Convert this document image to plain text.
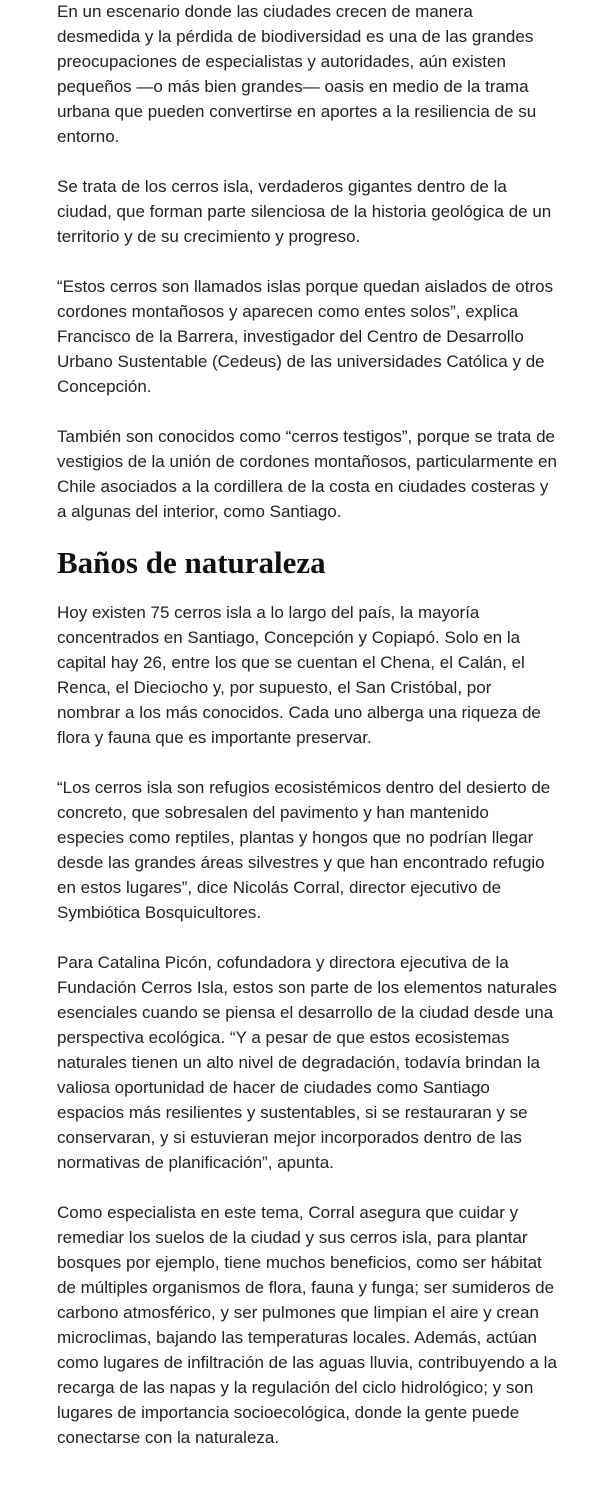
En un escenario donde las ciudades crecen de manera desmedida y la pérdida de biodiversidad es una de las grandes preocupaciones de especialistas y autoridades, aún existen pequeños —o más bien grandes— oasis en medio de la trama urbana que pueden convertirse en aportes a la resiliencia de su entorno.

Se trata de los cerros isla, verdaderos gigantes dentro de la ciudad, que forman parte silenciosa de la historia geológica de un territorio y de su crecimiento y progreso.

“Estos cerros son llamados islas porque quedan aislados de otros cordones montañosos y aparecen como entes solos”, explica Francisco de la Barrera, investigador del Centro de Desarrollo Urbano Sustentable (Cedeus) de las universidades Católica y de Concepción.

También son conocidos como “cerros testigos”, porque se trata de vestigios de la unión de cordones montañosos, particularmente en Chile asociados a la cordillera de la costa en ciudades costeras y a algunas del interior, como Santiago.

Baños de naturaleza

Hoy existen 75 cerros isla a lo largo del país, la mayoría concentrados en Santiago, Concepción y Copiapó. Solo en la capital hay 26, entre los que se cuentan el Chena, el Calán, el Renca, el Dieciocho y, por supuesto, el San Cristóbal, por nombrar a los más conocidos. Cada uno alberga una riqueza de flora y fauna que es importante preservar.

“Los cerros isla son refugios ecosistémicos dentro del desierto de concreto, que sobresalen del pavimento y han mantenido especies como reptiles, plantas y hongos que no podrían llegar desde las grandes áreas silvestres y que han encontrado refugio en estos lugares”, dice Nicolás Corral, director ejecutivo de Symbiótica Bosquicultores.

Para Catalina Picón, cofundadora y directora ejecutiva de la Fundación Cerros Isla, estos son parte de los elementos naturales esenciales cuando se piensa el desarrollo de la ciudad desde una perspectiva ecológica. “Y a pesar de que estos ecosistemas naturales tienen un alto nivel de degradación, todavía brindan la valiosa oportunidad de hacer de ciudades como Santiago espacios más resilientes y sustentables, si se restauraran y se conservaran, y si estuvieran mejor incorporados dentro de las normativas de planificación”, apunta.

Como especialista en este tema, Corral asegura que cuidar y remediar los suelos de la ciudad y sus cerros isla, para plantar bosques por ejemplo, tiene muchos beneficios, como ser hábitat de múltiples organismos de flora, fauna y funga; ser sumideros de carbono atmosférico, y ser pulmones que limpian el aire y crean microclimas, bajando las temperaturas locales. Además, actúan como lugares de infiltración de las aguas lluvia, contribuyendo a la recarga de las napas y la regulación del ciclo hidrológico; y son lugares de importancia socioecológica, donde la gente puede conectarse con la naturaleza.
